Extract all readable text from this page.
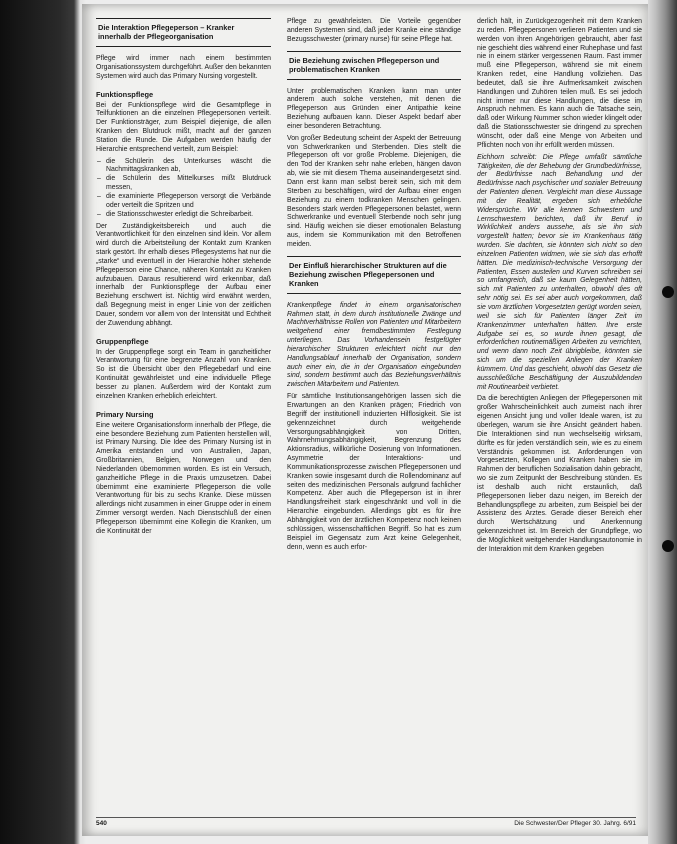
Die Interaktion Pflegeperson – Kranker innerhalb der Pflegeorganisation

Pflege wird immer nach einem bestimmten Organisationssystem durchgeführt. Außer den bekannten Systemen wird auch das Primary Nursing vorgestellt.

Funktionspflege

Bei der Funktionspflege wird die Gesamtpflege in Teilfunktionen an die einzelnen Pflegepersonen verteilt. Der Funktionsträger, zum Beispiel diejenige, die allen Kranken den Blutdruck mißt, macht auf der ganzen Station die Runde. Die Aufgaben werden häufig der Hierarchie entsprechend verteilt, zum Beispiel:

– die Schülerin des Unterkurses wäscht die Nachmittagskranken ab,
– die Schülerin des Mittelkurses mißt Blutdruck messen,
– die examinierte Pflegeperson versorgt die Verbände oder verteilt die Spritzen und
– die Stationsschwester erledigt die Schreibarbeit.

Der Zuständigkeitsbereich und auch die Verantwortlichkeit für den einzelnen sind klein. Vor allem wird durch die Arbeitsteilung der Kontakt zum Kranken stark gestört. Ihr erhalb dieses Pflegesystems hat nur die „starke“ und eventuell in der Hierarchie höher stehende Pflegeperson eine Chance, näheren Kontakt zu Kranken aufzubauen. Daraus resultierend wird erkennbar, daß innerhalb der Funktionspflege der Aufbau einer Beziehung erschwert ist. Nichtig wird erwähnt werden, daß Begegnung meist in enger Linie von der zeitlichen Dauer, sondern vor allem von der Intensität und Echtheit der Zuwendung abhängt.

Gruppenpflege

In der Gruppenpflege sorgt ein Team in ganzheitlicher Verantwortung für eine begrenzte Anzahl von Kranken. So ist die Übersicht über den Pflegebedarf und eine Kontinuität gewährleistet und eine individuelle Pflege besser zu planen. Außerdem wird der Kontakt zum einzelnen Kranken erheblich erleichtert.

Primary Nursing

Eine weitere Organisationsform innerhalb der Pflege, die eine besondere Beziehung zum Patienten herstellen will, ist Primary Nursing. Die Idee des Primary Nursing ist in Amerika entstanden und von Australien, Japan, Großbritannien, Belgien, Norwegen und den Niederlanden übernommen worden. Es ist ein Versuch, ganzheitliche Pflege in die Praxis umzusetzen. Dabei übernimmt eine examinierte Pflegeperson die volle Verantwortung für bis zu sechs Kranke. Diese müssen allerdings nicht zusammen in einer Gruppe oder in einem Zimmer versorgt werden. Nach Dienstschluß der einen Pflegeperson übernimmt eine Kollegin die Kranken, um die Kontinuität der

Pflege zu gewährleisten. Die Vorteile gegenüber anderen Systemen sind, daß jeder Kranke eine ständige Bezugsschwester (primary nurse) für seine Pflege hat.

Die Beziehung zwischen Pflegeperson und problematischen Kranken

Unter problematischen Kranken kann man unter anderem auch solche verstehen, mit denen die Pflegeperson aus Gründen einer Antipathie keine Beziehung aufbauen kann. Dieser Aspekt bedarf aber einer besonderen Betrachtung.

Von großer Bedeutung scheint der Aspekt der Betreuung von Schwerkranken und Sterbenden. Dies stellt die Pflegeperson oft vor große Probleme. Diejenigen, die den Tod der Kranken sehr nahe erleben, hängen davon ab, wie sie mit diesem Thema auseinandergesetzt sind. Dann erst kann man selbst bereit sein, sich mit dem Sterben zu beschäftigen, wird der Aufbau einer engen Beziehung zu einem todkranken Menschen gelingen. Besonders stark werden Pflegepersonen belastet, wenn Schwerkranke und eventuell Sterbende noch sehr jung sind. Häufig weichen sie dieser emotionalen Belastung aus, indem sie Kommunikation mit den Betroffenen meiden.

Der Einfluß hierarchischer Strukturen auf die Beziehung zwischen Pflegepersonen und Kranken

Krankenpflege findet in einem organisatorischen Rahmen statt, in dem durch institutionelle Zwänge und Machtverhältnisse Rollen von Patienten und Mitarbeitern weitgehend einer fremdbestimmten Festlegung unterliegen. Das Vorhandensein festgefügter hierarchischer Strukturen erleichtert nicht nur den Handlungsablauf innerhalb der Organisation, sondern auch einer ein, die in der Organisation eingebunden sind, sondern bestimmt auch das Beziehungsverhältnis zwischen Mitarbeitern und Patienten.

Für sämtliche Institutionsangehörigen lassen sich die Erwartungen an den Kranken prägen; Friedrich von Begriff der institutionell induzierten Hilflosigkeit. Sie ist gekennzeichnet durch weitgehende Versorgungsabhängigkeit von Dritten, Wahrnehmungsabhängigkeit, Begrenzung des Aktionsradius, willkürliche Dosierung von Informationen. Asymmetrie der Interaktions- und Kommunikationsprozesse zwischen Pflegepersonen und Kranken sowie insgesamt durch die Rollendominanz auf seiten des medizinischen Personals aufgrund fachlicher Kompetenz. Aber auch die Pflegeperson ist in ihrer Handlungsfreiheit stark eingeschränkt und voll in die Hierarchie eingebunden. Allerdings gibt es für ihre Abhängigkeit von der ärztlichen Kompetenz noch keinen schlüssigen, wissenschaftlichen Begriff. So hat es zum Beispiel im Gegensatz zum Arzt keine Gelegenheit, denn, wenn es auch erfor-

derlich hält, in Zurückgezogenheit mit dem Kranken zu reden. Pflegepersonen verlieren Patienten und sie werden von ihren Angehörigen gebraucht, aber fast nie geschieht dies während einer Ruhephase und fast nie in einem stärker vergessenen Raum. Fast immer muß eine Pflegeperson, während sie mit einem Kranken redet, eine Handlung vollziehen. Das bedeutet, daß sie ihre Aufmerksamkeit zwischen Handlungen und Zuhören teilen muß. Es sei jedoch nicht immer nur diese Handlungen, die diese im Anspruch nehmen. Es kann auch die Tatsache sein, daß oder Wirkung Nummer schon wieder klingelt oder daß die Stationsschwester sie dringend zu sprechen wünscht, oder daß eine Menge von Arbeiten und Pflichten noch von ihr erfüllt werden müssen.

Eichhorn schreibt: Die Pflege umfaßt sämtliche Tätigkeiten, die der Behebung der Grundbedürfnisse, der Bedürfnisse nach Behandlung und der Bedürfnisse nach psychischer und sozialer Betreuung der Patienten dienen. Vergleicht man diese Aussage mit der Realität, ergeben sich erhebliche Widersprüche. Wir alle kennen Schwestern und Lernschwestern berichten, daß ihr Beruf in Wirklichkeit anders aussehe, als sie ihn sich vorgestellt hatten; bevor sie im Krankenhaus tätig wurden. Sie dachten, sie könnten sich nicht so den einzelnen Patienten widmen, wie sie sich das erhofft hätten. Die medizinisch-technische Versorgung der Patienten, Essen austeilen und Kurven schreiben sei so umfangreich, daß sie kaum Gelegenheit hätten, sich mit Patienten zu unterhalten, obwohl dies oft sehr nötig sei. Es sei aber auch vorgekommen, daß sie vom ärztlichen Vorgesetzten gerügt worden seien, weil sie sich für Patienten länger Zeit im Krankenzimmer unterhalten hätten. Ihre erste Aufgabe sei es, so wurde ihnen gesagt, die erforderlichen routinemäßigen Arbeiten zu verrichten, und wenn dann noch Zeit übrigbleibe, könnten sie sich um die speziellen Anliegen der Kranken kümmern. Und das geschieht, obwohl das Gesetz die ausschließliche Beschäftigung der Auszubildenden mit Routinearbeit verbietet.

Da die berechtigten Anliegen der Pflegepersonen mit großer Wahrscheinlichkeit auch zumeist nach ihrer eigenen Ansicht jung und voller Ideale waren, ist zu überlegen, warum sie ihre Ansicht geändert haben. Die Interaktionen sind nun wechselseitig wirksam, dürfte es für jeden verständlich sein, wie es zu einem Verständnis gekommen ist. Anforderungen von Vorgesetzten, Kollegen und Kranken haben sie im Rahmen der beruflichen Sozialisation dahin gebracht, wo sie zum Zeitpunkt der Beschreibung stünden. Es ist deshalb auch nicht erstaunlich, daß Pflegepersonen lieber dazu neigen, im Bereich der Behandlungspflege zu arbeiten, zum Beispiel bei der Assistenz des Arztes. Gerade dieser Bereich eher durch Wertschätzung und Anerkennung gekennzeichnet ist. Im Bereich der Grundpflege, wo die Möglichkeit weitgehender Handlungsautonomie in der Interaktion mit dem Kranken gegeben

540	Die Schwester/Der Pfleger 30. Jahrg. 6/91
